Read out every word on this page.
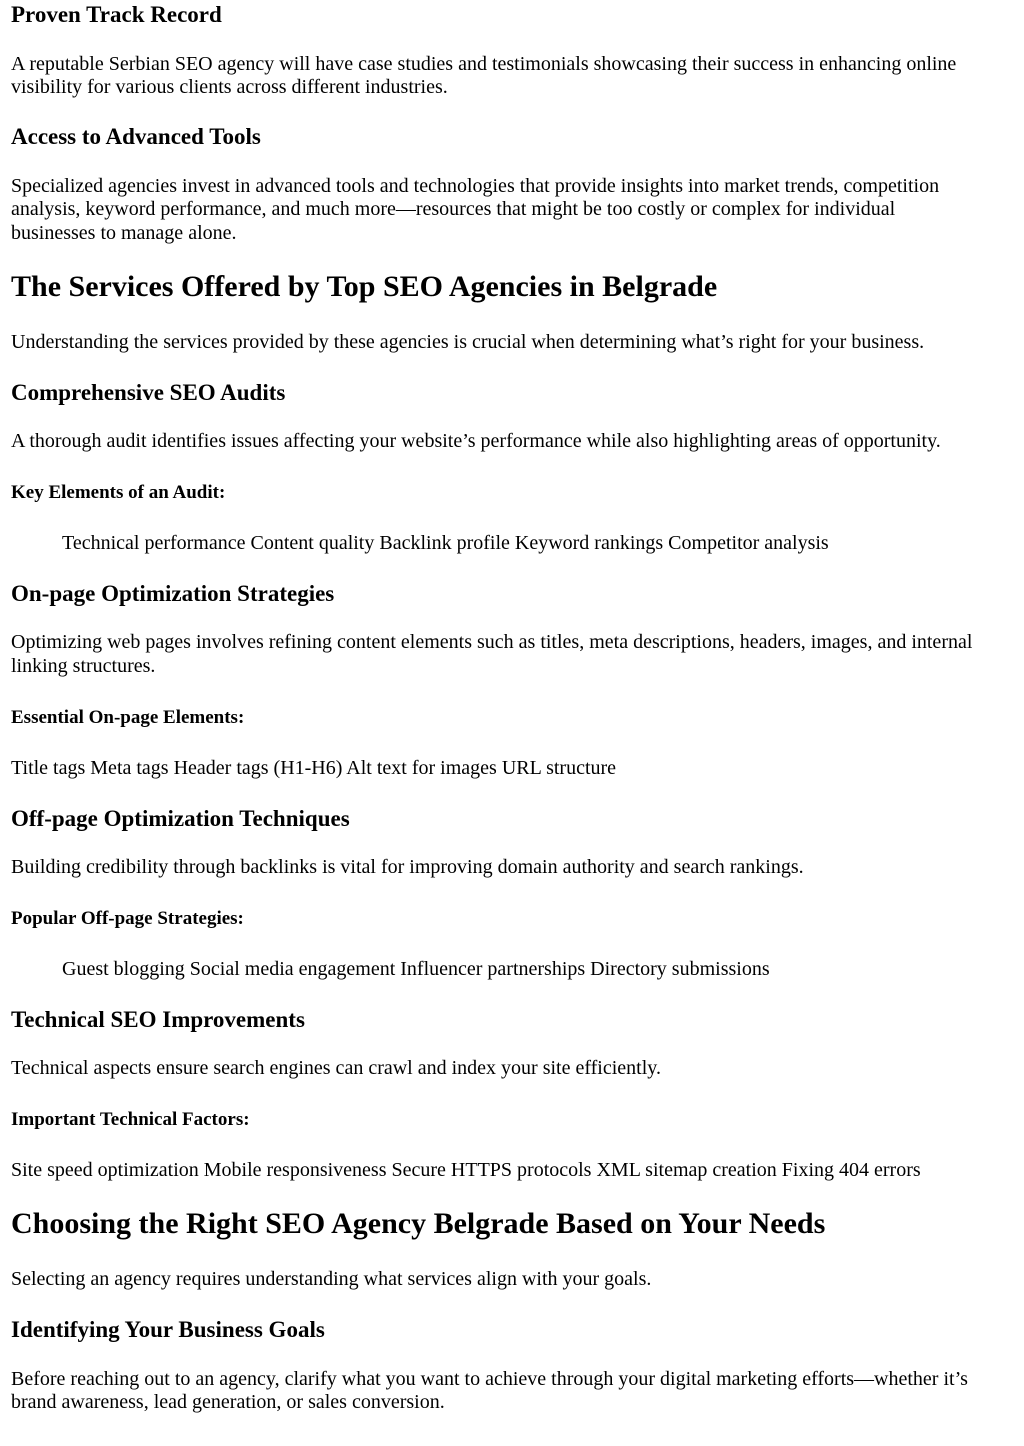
Proven Track Record

A reputable Serbian SEO agency will have case studies and testimonials showcasing their success in enhancing online

visibility for various clients across different industries.

Access to Advanced Tools

Specialized agencies invest in advanced tools and technologies that provide insights into market trends, competition

analysis, keyword performance, and much more—resources that might be too costly or complex for individual

businesses to manage alone.

The Services Offered by Top SEO Agencies in Belgrade

Understanding the services provided by these agencies is crucial when determining what’s right for your business.

Comprehensive SEO Audits

A thorough audit identifies issues affecting your website’s performance while also highlighting areas of opportunity.

Key Elements of an Audit:

Technical performance Content quality Backlink profile Keyword rankings Competitor analysis

On-page Optimization Strategies

Optimizing web pages involves refining content elements such as titles, meta descriptions, headers, images, and internal

linking structures.

Essential On-page Elements:

Title tags Meta tags Header tags (H1-H6) Alt text for images URL structure

Off-page Optimization Techniques

Building credibility through backlinks is vital for improving domain authority and search rankings.

Popular Off-page Strategies:

Guest blogging Social media engagement Influencer partnerships Directory submissions

Technical SEO Improvements

Technical aspects ensure search engines can crawl and index your site efficiently.

Important Technical Factors:

Site speed optimization Mobile responsiveness Secure HTTPS protocols XML sitemap creation Fixing 404 errors

Choosing the Right SEO Agency Belgrade Based on Your Needs

Selecting an agency requires understanding what services align with your goals.

Identifying Your Business Goals

Before reaching out to an agency, clarify what you want to achieve through your digital marketing efforts—whether it’s

brand awareness, lead generation, or sales conversion.
